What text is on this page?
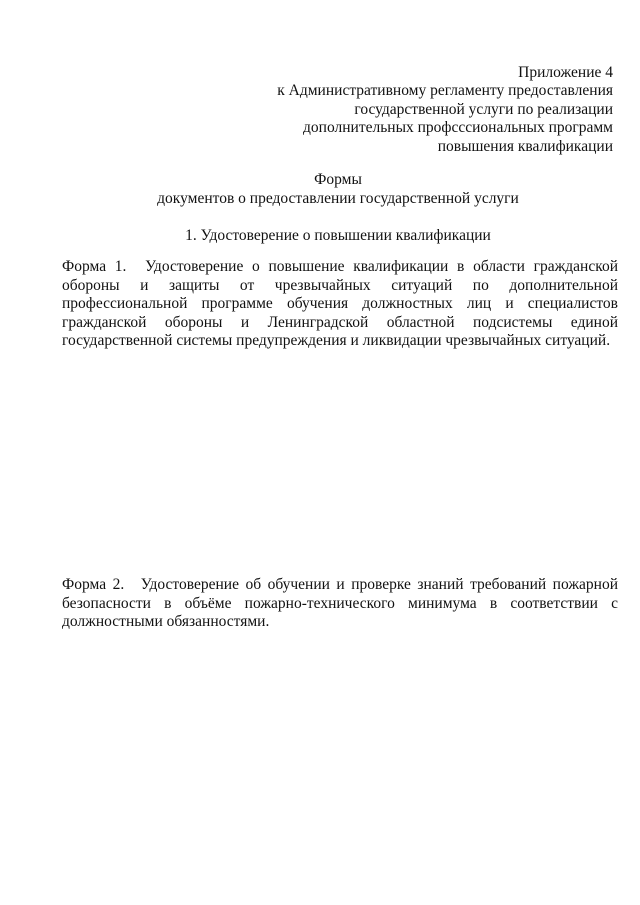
Приложение 4
к Административному регламенту предоставления
государственной услуги по реализации
дополнительных профсссиональных программ
повышения квалификации
Формы
документов о предоставлении государственной услуги
1. Удостоверение о повышении квалификации
Форма 1. Удостоверение о повышение квалификации в области гражданской обороны и защиты от чрезвычайных ситуаций по дополнительной профессиональной программе обучения должностных лиц и специалистов гражданской обороны и Ленинградской областной подсистемы единой государственной системы предупреждения и ликвидации чрезвычайных ситуаций.
Форма 2. Удостоверение об обучении и проверке знаний требований пожарной безопасности в объёме пожарно-технического минимума в соответствии с должностными обязанностями.
